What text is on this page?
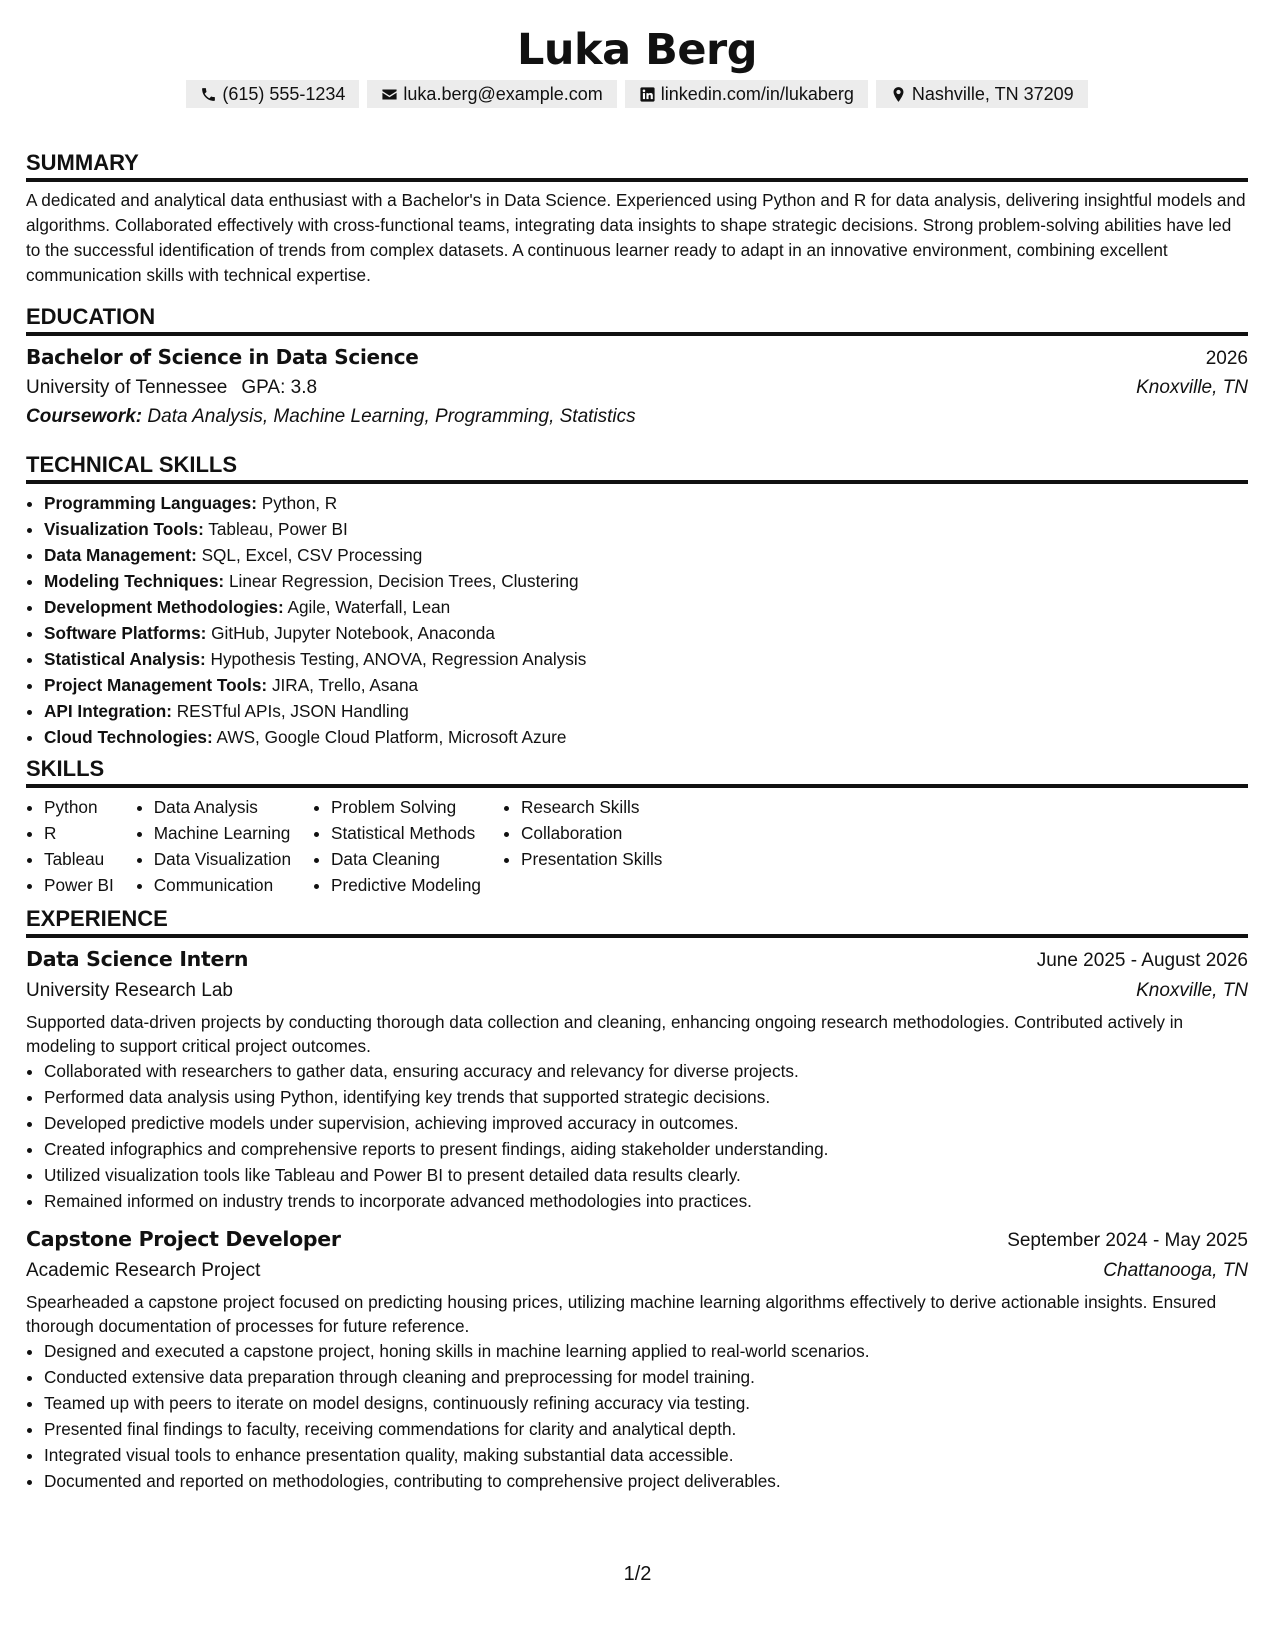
Luka Berg
(615) 555-1234	luka.berg@example.com	linkedin.com/in/lukaberg	Nashville, TN 37209
SUMMARY

A dedicated and analytical data enthusiast with a Bachelor's in Data Science. Experienced using Python and R for data analysis, delivering insightful models and algorithms. Collaborated effectively with cross-functional teams, integrating data insights to shape strategic decisions. Strong problem-solving abilities have led to the successful identification of trends from complex datasets. A continuous learner ready to adapt in an innovative environment, combining excellent communication skills with technical expertise.

EDUCATION
Bachelor of Science in Data Science	2026
University of Tennessee GPA: 3.8	Knoxville, TN
Coursework: Data Analysis, Machine Learning, Programming, Statistics
TECHNICAL SKILLS
• Programming Languages: Python, R
• Visualization Tools: Tableau, Power BI
• Data Management: SQL, Excel, CSV Processing
• Modeling Techniques: Linear Regression, Decision Trees, Clustering
• Development Methodologies: Agile, Waterfall, Lean
• Software Platforms: GitHub, Jupyter Notebook, Anaconda
• Statistical Analysis: Hypothesis Testing, ANOVA, Regression Analysis
• Project Management Tools: JIRA, Trello, Asana
• API Integration: RESTful APIs, JSON Handling
• Cloud Technologies: AWS, Google Cloud Platform, Microsoft Azure
SKILLS
• Python
• R
• Tableau
• Power BI
• Data Analysis
• Machine Learning
• Data Visualization
• Communication
• Problem Solving
• Statistical Methods
• Data Cleaning
• Predictive Modeling
• Research Skills
• Collaboration
• Presentation Skills
EXPERIENCE
Data Science Intern	June 2025 - August 2026
University Research Lab	Knoxville, TN

Supported data-driven projects by conducting thorough data collection and cleaning, enhancing ongoing research methodologies. Contributed actively in modeling to support critical project outcomes.

• Collaborated with researchers to gather data, ensuring accuracy and relevancy for diverse projects.
• Performed data analysis using Python, identifying key trends that supported strategic decisions.
• Developed predictive models under supervision, achieving improved accuracy in outcomes.
• Created infographics and comprehensive reports to present findings, aiding stakeholder understanding.
• Utilized visualization tools like Tableau and Power BI to present detailed data results clearly.
• Remained informed on industry trends to incorporate advanced methodologies into practices.
Capstone Project Developer	September 2024 - May 2025
Academic Research Project	Chattanooga, TN

Spearheaded a capstone project focused on predicting housing prices, utilizing machine learning algorithms effectively to derive actionable insights. Ensured thorough documentation of processes for future reference.

• Designed and executed a capstone project, honing skills in machine learning applied to real-world scenarios.
• Conducted extensive data preparation through cleaning and preprocessing for model training.
• Teamed up with peers to iterate on model designs, continuously refining accuracy via testing.
• Presented final findings to faculty, receiving commendations for clarity and analytical depth.
• Integrated visual tools to enhance presentation quality, making substantial data accessible.
• Documented and reported on methodologies, contributing to comprehensive project deliverables.
1/2
